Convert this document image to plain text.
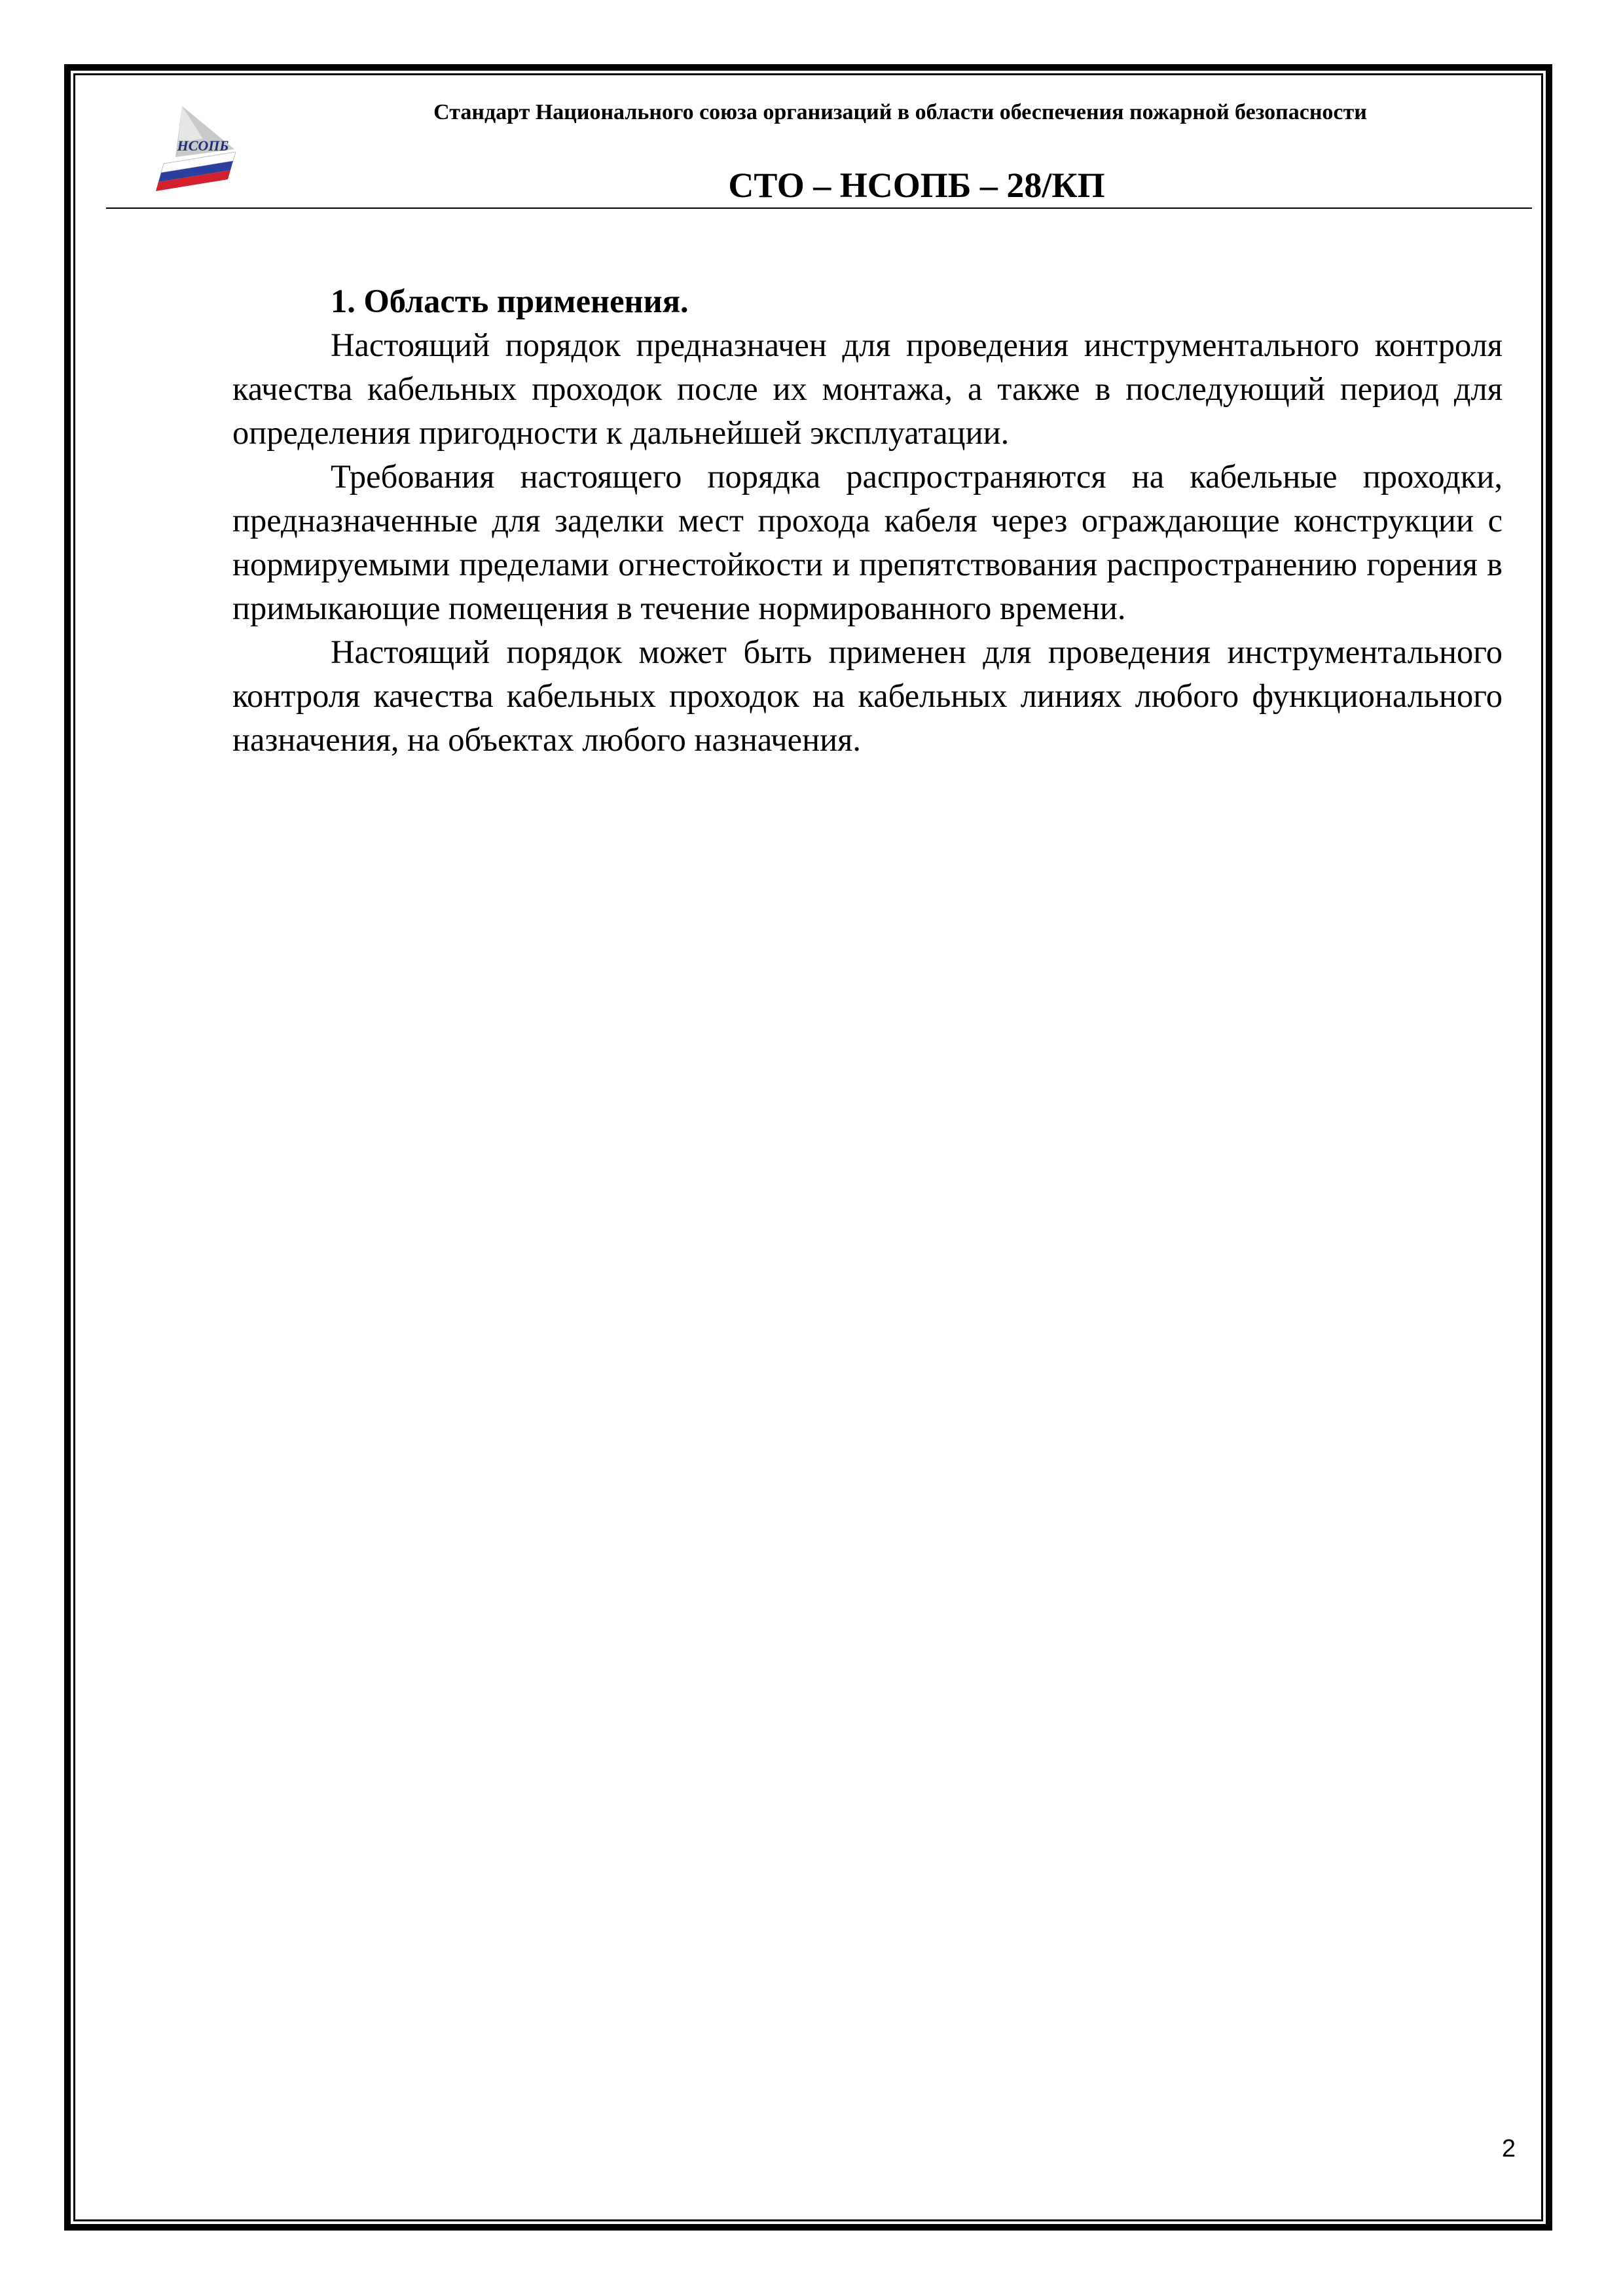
НСОПБ
Стандарт Национального союза организаций в области обеспечения пожарной безопасности
СТО – НСОПБ – 28/КП

1. Область применения.

Настоящий порядок предназначен для проведения инструментального контроля качества кабельных проходок после их монтажа, а также в последующий период для определения пригодности к дальнейшей эксплуатации.

Требования настоящего порядка распространяются на кабельные проходки, предназначенные для заделки мест прохода кабеля через ограждающие конструкции с нормируемыми пределами огнестойкости и препятствования распространению горения в примыкающие помещения в течение нормированного времени.

Настоящий порядок может быть применен для проведения инструментального контроля качества кабельных проходок на кабельных линиях любого функционального назначения, на объектах любого назначения.

2
